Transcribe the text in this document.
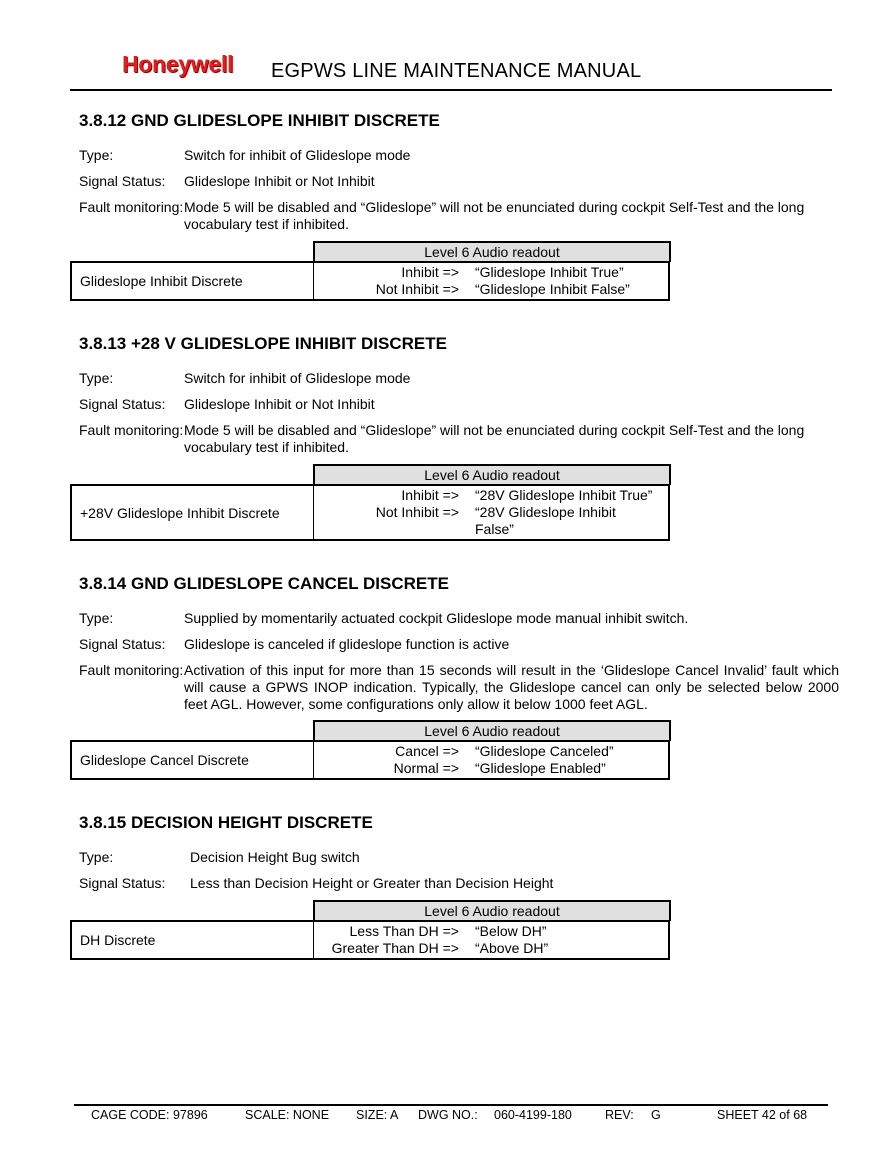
Honeywell EGPWS LINE MAINTENANCE MANUAL
3.8.12 GND GLIDESLOPE INHIBIT DISCRETE
Type:	Switch for inhibit of Glideslope mode
Signal Status: Glideslope Inhibit or Not Inhibit
Fault monitoring: Mode 5 will be disabled and “Glideslope” will not be enunciated during cockpit Self-Test and the long vocabulary test if inhibited.
Level 6 Audio readout
Glideslope Inhibit Discrete
Inhibit =>	“Glideslope Inhibit True”
Not Inhibit =>	“Glideslope Inhibit False”
3.8.13 +28 V GLIDESLOPE INHIBIT DISCRETE
Type:	Switch for inhibit of Glideslope mode
Signal Status: Glideslope Inhibit or Not Inhibit
Fault monitoring: Mode 5 will be disabled and “Glideslope” will not be enunciated during cockpit Self-Test and the long vocabulary test if inhibited.
Level 6 Audio readout
+28V Glideslope Inhibit Discrete
Inhibit =>	“28V Glideslope Inhibit True”
Not Inhibit =>	“28V Glideslope Inhibit False”
3.8.14 GND GLIDESLOPE CANCEL DISCRETE
Type:	Supplied by momentarily actuated cockpit Glideslope mode manual inhibit switch.
Signal Status: Glideslope is canceled if glideslope function is active
Fault monitoring: Activation of this input for more than 15 seconds will result in the ‘Glideslope Cancel Invalid’ fault which will cause a GPWS INOP indication. Typically, the Glideslope cancel can only be selected below 2000 feet AGL. However, some configurations only allow it below 1000 feet AGL.
Level 6 Audio readout
Glideslope Cancel Discrete
Cancel =>	“Glideslope Canceled”
Normal =>	“Glideslope Enabled”
3.8.15 DECISION HEIGHT DISCRETE
Type:	Decision Height Bug switch
Signal Status: Less than Decision Height or Greater than Decision Height
Level 6 Audio readout
DH Discrete
Less Than DH =>	“Below DH”
Greater Than DH =>	“Above DH”
CAGE CODE: 97896	SCALE: NONE SIZE: A DWG NO.: 060-4199-180	REV: G	SHEET 42 of 68
